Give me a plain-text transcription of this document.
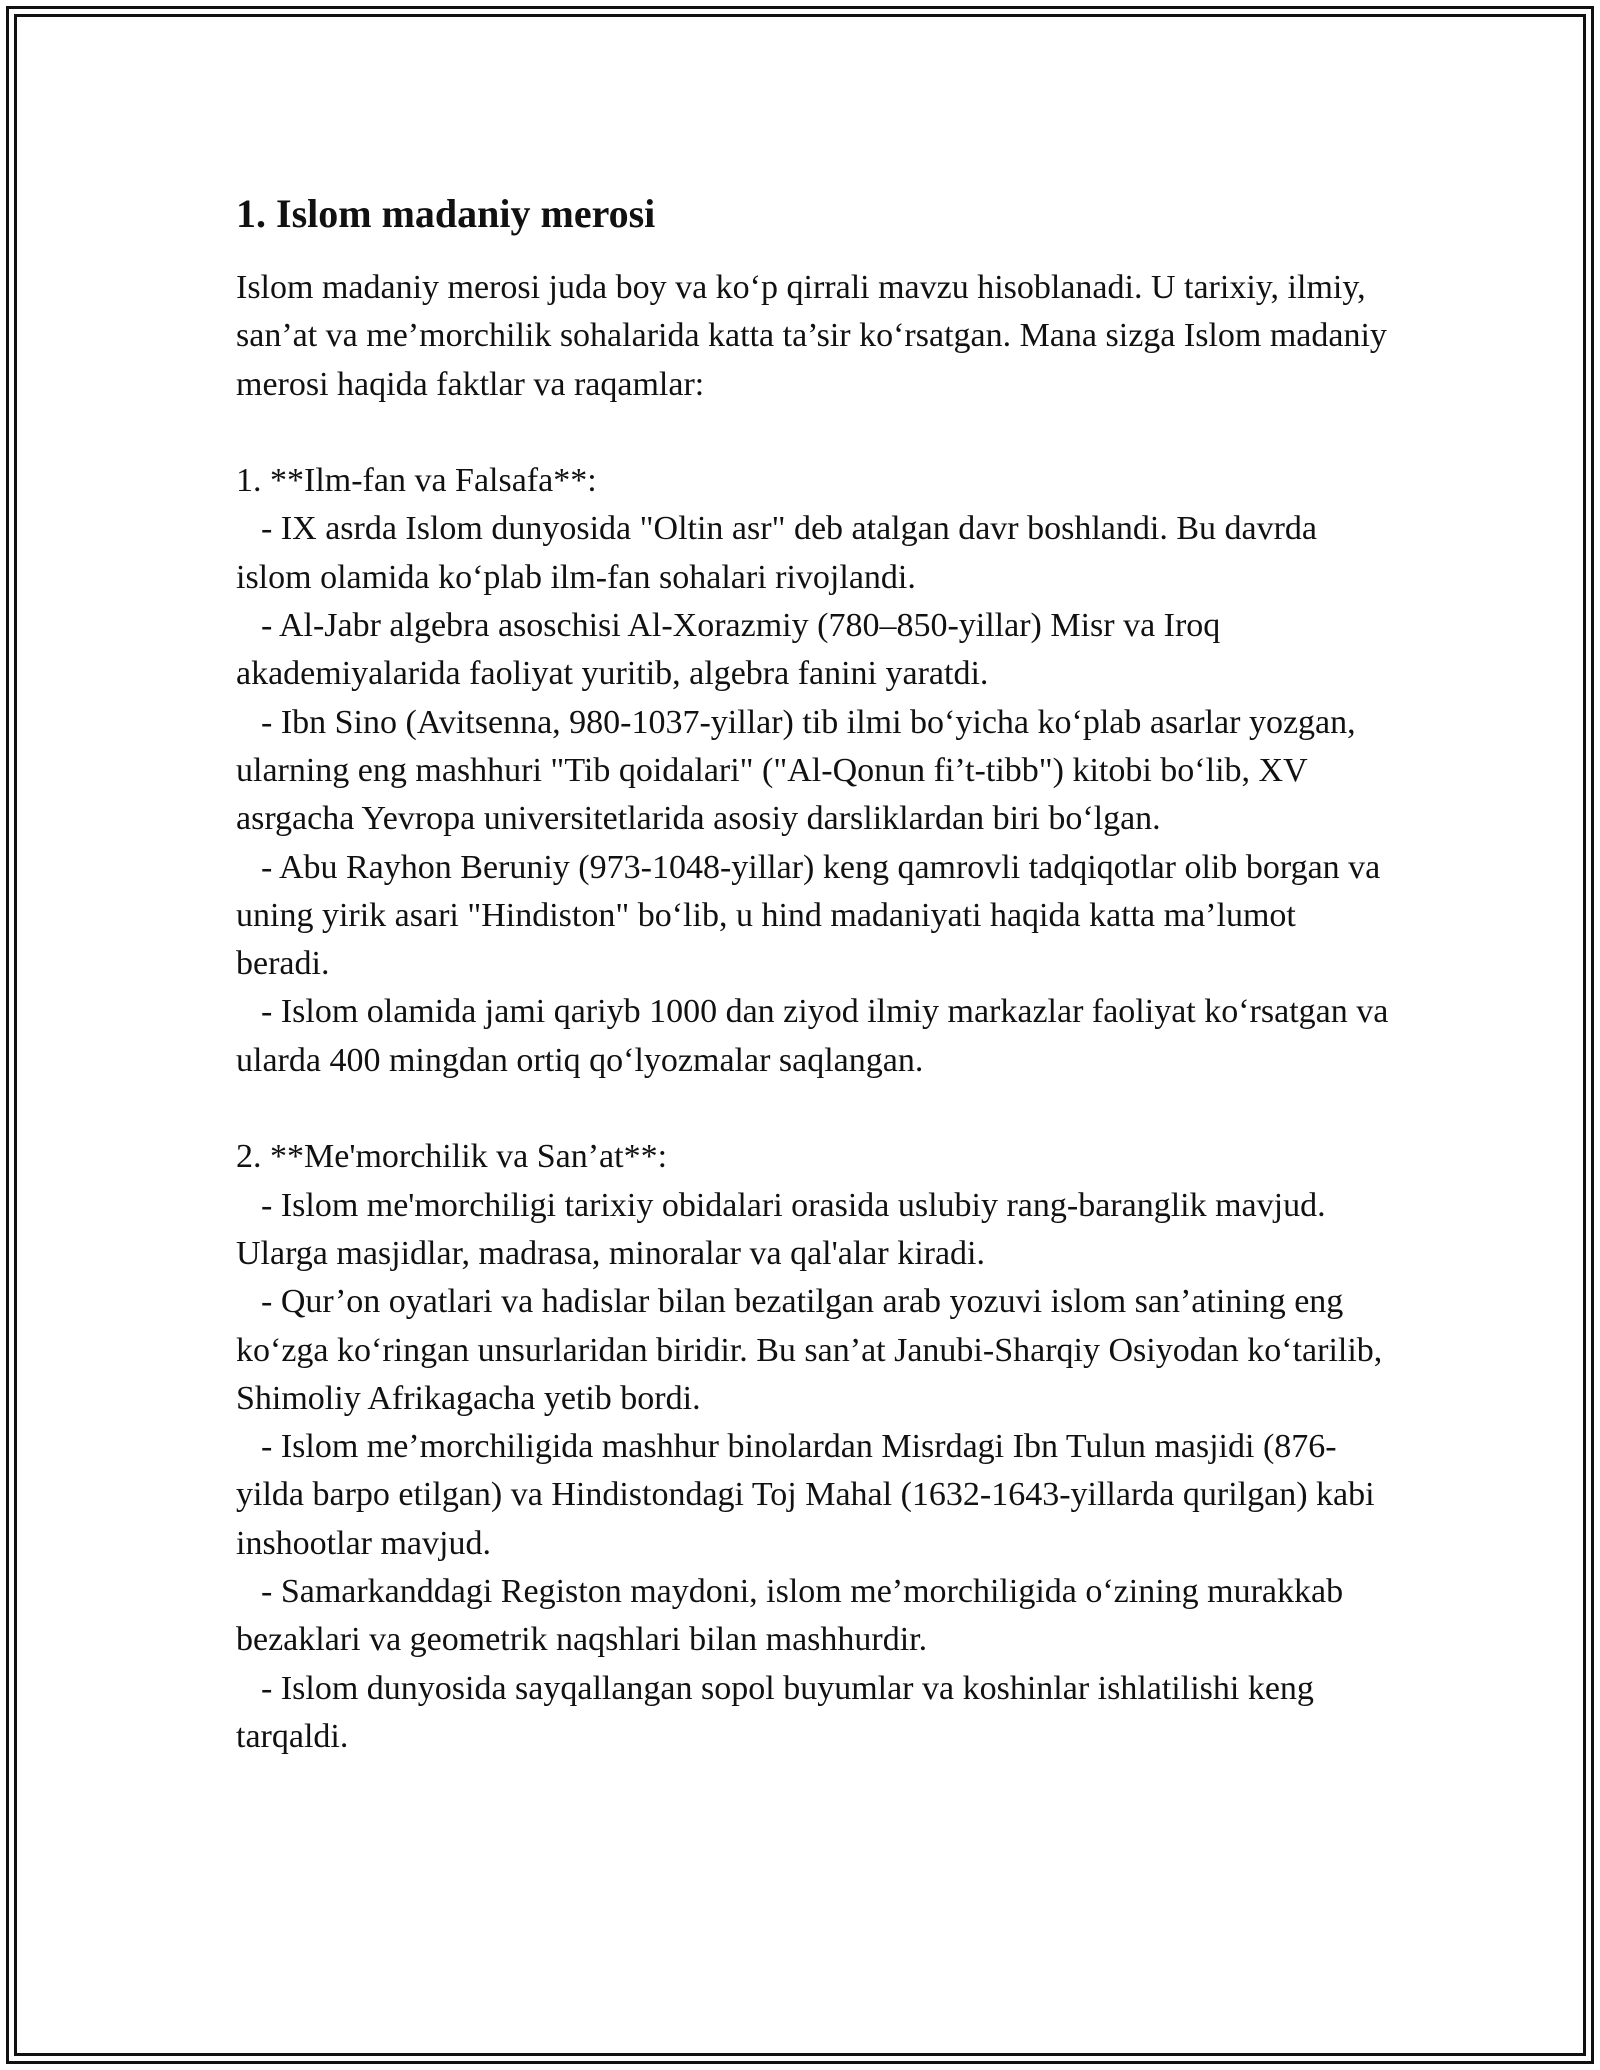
1. Islom madaniy merosi

Islom madaniy merosi juda boy va koʻp qirrali mavzu hisoblanadi. U tarixiy, ilmiy, san’at va me’morchilik sohalarida katta ta’sir koʻrsatgan. Mana sizga Islom madaniy merosi haqida faktlar va raqamlar:

1. **Ilm-fan va Falsafa**:

- IX asrda Islom dunyosida "Oltin asr" deb atalgan davr boshlandi. Bu davrda islom olamida koʻplab ilm-fan sohalari rivojlandi.

- Al-Jabr algebra asoschisi Al-Xorazmiy (780–850-yillar) Misr va Iroq akademiyalarida faoliyat yuritib, algebra fanini yaratdi.

- Ibn Sino (Avitsenna, 980-1037-yillar) tib ilmi boʻyicha koʻplab asarlar yozgan, ularning eng mashhuri "Tib qoidalari" ("Al-Qonun fi’t-tibb") kitobi boʻlib, XV asrgacha Yevropa universitetlarida asosiy darsliklardan biri boʻlgan.

- Abu Rayhon Beruniy (973-1048-yillar) keng qamrovli tadqiqotlar olib borgan va uning yirik asari "Hindiston" boʻlib, u hind madaniyati haqida katta ma’lumot beradi.

- Islom olamida jami qariyb 1000 dan ziyod ilmiy markazlar faoliyat koʻrsatgan va ularda 400 mingdan ortiq qoʻlyozmalar saqlangan.

2. **Me'morchilik va San’at**:

- Islom me'morchiligi tarixiy obidalari orasida uslubiy rang-baranglik mavjud. Ularga masjidlar, madrasa, minoralar va qal'alar kiradi.

- Qur’on oyatlari va hadislar bilan bezatilgan arab yozuvi islom san’atining eng koʻzga koʻringan unsurlaridan biridir. Bu san’at Janubi-Sharqiy Osiyodan koʻtarilib, Shimoliy Afrikagacha yetib bordi.

- Islom me’morchiligida mashhur binolardan Misrdagi Ibn Tulun masjidi (876-yilda barpo etilgan) va Hindistondagi Toj Mahal (1632-1643-yillarda qurilgan) kabi inshootlar mavjud.

- Samarkanddagi Registon maydoni, islom me’morchiligida oʻzining murakkab bezaklari va geometrik naqshlari bilan mashhurdir.

- Islom dunyosida sayqallangan sopol buyumlar va koshinlar ishlatilishi keng tarqaldi.
